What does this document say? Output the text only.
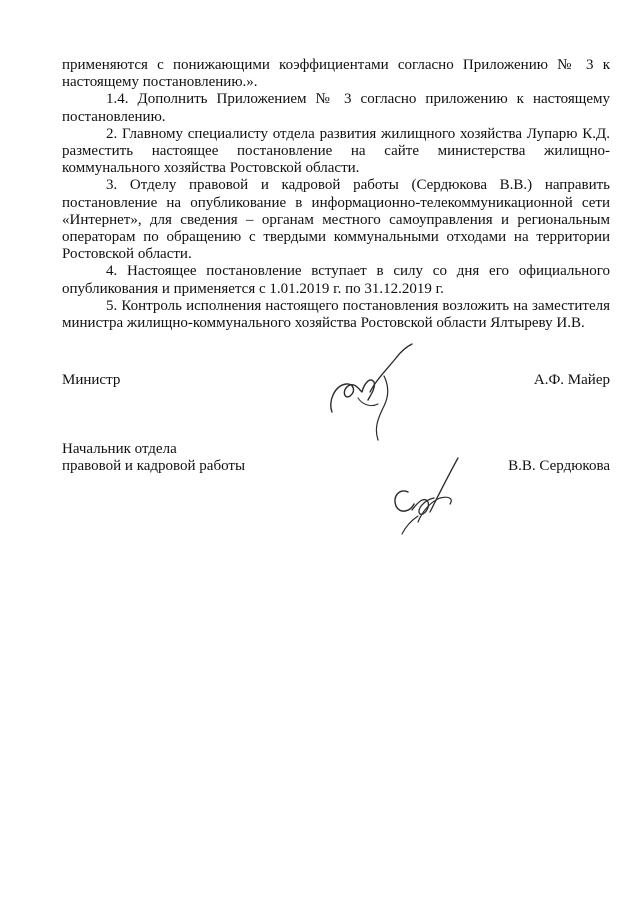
применяются с понижающими коэффициентами согласно Приложению № 3 к настоящему постановлению.».

1.4. Дополнить Приложением № 3 согласно приложению к настоящему постановлению.

2. Главному специалисту отдела развития жилищного хозяйства Лупарю К.Д. разместить настоящее постановление на сайте министерства жилищно-коммунального хозяйства Ростовской области.

3. Отделу правовой и кадровой работы (Сердюкова В.В.) направить постановление на опубликование в информационно-телекоммуникационной сети «Интернет», для сведения – органам местного самоуправления и региональным операторам по обращению с твердыми коммунальными отходами на территории Ростовской области.

4. Настоящее постановление вступает в силу со дня его официального опубликования и применяется с 1.01.2019 г. по 31.12.2019 г.

5. Контроль исполнения настоящего постановления возложить на заместителя министра жилищно-коммунального хозяйства Ростовской области Ялтыреву И.В.

Министр	А.Ф. Майер
Начальник отдела
правовой и кадровой работы	В.В. Сердюкова
